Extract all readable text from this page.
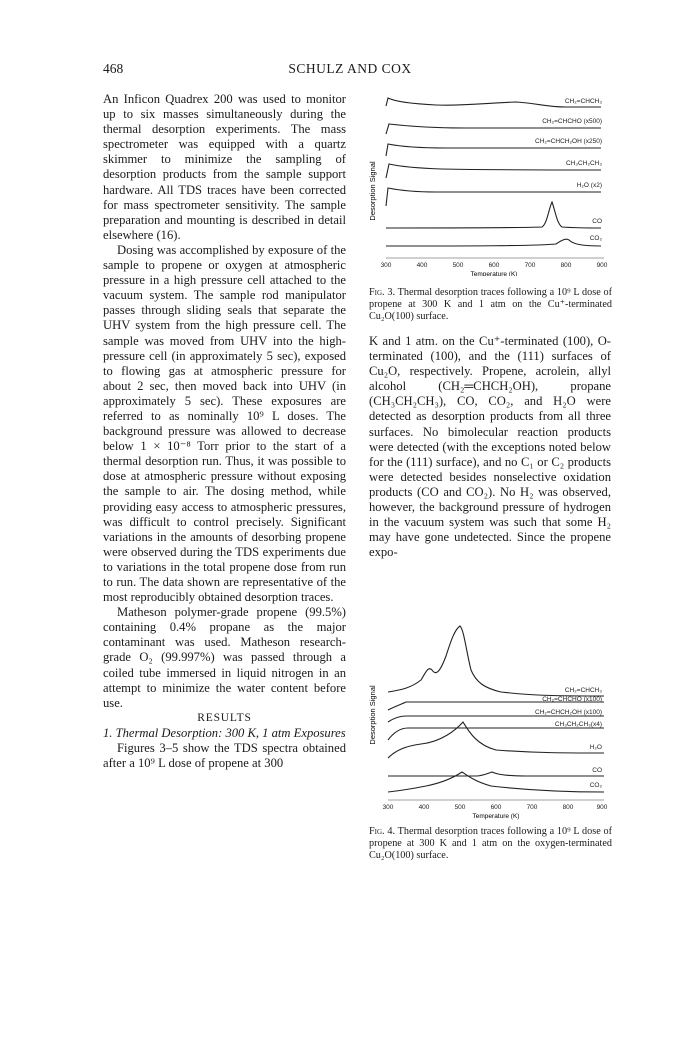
468	SCHULZ AND COX

An Inficon Quadrex 200 was used to monitor up to six masses simultaneously during the thermal desorption experiments. The mass spectrometer was equipped with a quartz skimmer to minimize the sampling of desorption products from the sample support hardware. All TDS traces have been corrected for mass spectrometer sensitivity. The sample preparation and mounting is described in detail elsewhere (16).

Dosing was accomplished by exposure of the sample to propene or oxygen at atmospheric pressure in a high pressure cell attached to the vacuum system. The sample rod manipulator passes through sliding seals that separate the UHV system from the high pressure cell. The sample was moved from UHV into the high-pressure cell (in approximately 5 sec), exposed to flowing gas at atmospheric pressure for about 2 sec, then moved back into UHV (in approximately 5 sec). These exposures are referred to as nominally 10⁹ L doses. The background pressure was allowed to decrease below 1 × 10⁻⁸ Torr prior to the start of a thermal desorption run. Thus, it was possible to dose at atmospheric pressure without exposing the sample to air. The dosing method, while providing easy access to atmospheric pressures, was difficult to control precisely. Significant variations in the amounts of desorbing propene were observed during the TDS experiments due to variations in the total propene dose from run to run. The data shown are representative of the most reproducibly obtained desorption traces.

Matheson polymer-grade propene (99.5%) containing 0.4% propane as the major contaminant was used. Matheson research-grade O₂ (99.997%) was passed through a coiled tube immersed in liquid nitrogen in an attempt to minimize the water content before use.

RESULTS

1. Thermal Desorption: 300 K, 1 atm Exposures

Figures 3–5 show the TDS spectra obtained after a 10⁹ L dose of propene at 300

Desorption Signal
300	400	500	600	700	800	900
Temperature (K)
CH₂=CHCH₃
CH₂=CHCHO (x500)
CH₂=CHCH₂OH (x250)
CH₃CH₂CH₃
H₂O (x2)
CO
CO₂
Fig. 3. Thermal desorption traces following a 10⁹ L dose of propene at 300 K and 1 atm on the Cu⁺-terminated Cu₂O(100) surface.

K and 1 atm. on the Cu⁺-terminated (100), O-terminated (100), and the (111) surfaces of Cu₂O, respectively. Propene, acrolein, allyl alcohol (CH₂═CHCH₂OH), propane (CH₃CH₂CH₃), CO, CO₂, and H₂O were detected as desorption products from all three surfaces. No bimolecular reaction products were detected (with the exceptions noted below for the (111) surface), and no C₁ or C₂ products were detected besides nonselective oxidation products (CO and CO₂). No H₂ was observed, however, the background pressure of hydrogen in the vacuum system was such that some H₂ may have gone undetected. Since the propene expo-

Desorption Signal
300	400	500	600	700	800	900
Temperature (K)
CH₂=CHCH₃
CH₂=CHCHO (x100)
CH₂=CHCH₂OH (x100)
CH₃CH₂CH₃(x4)
H₂O
CO
CO₂
Fig. 4. Thermal desorption traces following a 10⁹ L dose of propene at 300 K and 1 atm on the oxygen-terminated Cu₂O(100) surface.
